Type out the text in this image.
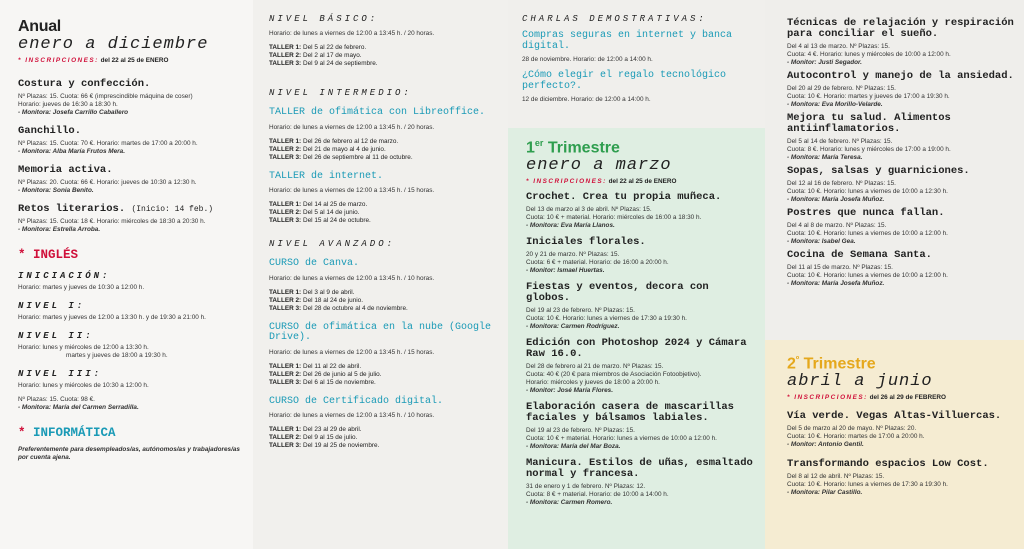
Anual
enero a diciembre
* INSCRIPCIONES: del 22 al 25 de ENERO
Costura y confección.
Nº Plazas: 15. Cuota: 66 € (imprescindible máquina de coser)
Horario: jueves de 16:30 a 18:30 h.
- Monitora: Josefa Carrillo Caballero
Ganchillo.
Nº Plazas: 15. Cuota: 70 €. Horario: martes de 17:00 a 20:00 h.
- Monitora: Alba María Frutos Mera.
Memoria activa.
Nº Plazas: 20. Cuota: 66 €. Horario: jueves de 10:30 a 12:30 h.
- Monitora: Sonia Benito.
Retos literarios. (Inicio: 14 feb.)
Nº Plazas: 15. Cuota: 18 €. Horario: miércoles de 18:30 a 20:30 h.
- Monitora: Estrella Arroba.
* INGLÉS
INICIACIÓN:
Horario: martes y jueves de 10:30 a 12:00 h.
NIVEL I:
Horario: martes y jueves de 12:00 a 13:30 h. y de 19:30 a 21:00 h.
NIVEL II:
Horario: lunes y miércoles de 12:00 a 13:30 h.
martes y jueves de 18:00 a 19:30 h.
NIVEL III:
Horario: lunes y miércoles de 10:30 a 12:00 h.
Nº Plazas: 15. Cuota: 98 €.
- Monitora: María del Carmen Serradilla.
* INFORMÁTICA
Preferentemente para desempleados/as, autónomos/as y trabajadores/as por cuenta ajena.
NIVEL BÁSICO:
Horario: de lunes a viernes de 12:00 a 13:45 h. / 20 horas.
TALLER 1: Del 5 al 22 de febrero.
TALLER 2: Del 2 al 17 de mayo.
TALLER 3: Del 9 al 24 de septiembre.
NIVEL INTERMEDIO:
TALLER de ofimática con Libreoffice.
Horario: de lunes a viernes de 12:00 a 13:45 h. / 20 horas.
TALLER 1: Del 26 de febrero al 12 de marzo.
TALLER 2: Del 21 de mayo al 4 de junio.
TALLER 3: Del 26 de septiembre al 11 de octubre.
TALLER de internet.
Horario: de lunes a viernes de 12:00 a 13:45 h. / 15 horas.
TALLER 1: Del 14 al 25 de marzo.
TALLER 2: Del 5 al 14 de junio.
TALLER 3: Del 15 al 24 de octubre.
NIVEL AVANZADO:
CURSO de Canva.
Horario: de lunes a viernes de 12:00 a 13:45 h. / 10 horas.
TALLER 1: Del 3 al 9 de abril.
TALLER 2: Del 18 al 24 de junio.
TALLER 3: Del 28 de octubre al 4 de noviembre.
CURSO de ofimática en la nube (Google Drive).
Horario: de lunes a viernes de 12:00 a 13:45 h. / 15 horas.
TALLER 1: Del 11 al 22 de abril.
TALLER 2: Del 26 de junio al 5 de julio.
TALLER 3: Del 6 al 15 de noviembre.
CURSO de Certificado digital.
Horario: de lunes a viernes de 12:00 a 13:45 h. / 10 horas.
TALLER 1: Del 23 al 29 de abril.
TALLER 2: Del 9 al 15 de julio.
TALLER 3: Del 19 al 25 de noviembre.
CHARLAS DEMOSTRATIVAS:
Compras seguras en internet y banca digital.
28 de noviembre. Horario: de 12:00 a 14:00 h.
¿Cómo elegir el regalo tecnológico perfecto?.
12 de diciembre. Horario: de 12:00 a 14:00 h.
1er Trimestre
enero a marzo
* INSCRIPCIONES: del 22 al 25 de ENERO
Crochet. Crea tu propia muñeca.
Del 13 de marzo al 3 de abril. Nº Plazas: 15.
Cuota: 10 € + material. Horario: miércoles de 16:00 a 18:30 h.
- Monitora: Eva María Llanos.
Iniciales florales.
20 y 21 de marzo. Nº Plazas: 15.
Cuota: 6 € + material. Horario: de 16:00 a 20:00 h.
- Monitor: Ismael Huertas.
Fiestas y eventos, decora con globos.
Del 19 al 23 de febrero. Nº Plazas: 15.
Cuota: 10 €. Horario: lunes a viernes de 17:30 a 19:30 h.
- Monitora: Carmen Rodríguez.
Edición con Photoshop 2024 y Cámara Raw 16.0.
Del 28 de febrero al 21 de marzo. Nº Plazas: 15.
Cuota: 40 € (20 € para miembros de Asociación Fotoobjetivo).
Horario: miércoles y jueves de 18:00 a 20:00 h.
- Monitor: José María Flores.
Elaboración casera de mascarillas faciales y bálsamos labiales.
Del 19 al 23 de febrero. Nº Plazas: 15.
Cuota: 10 € + material. Horario: lunes a viernes de 10:00 a 12:00 h.
- Monitora: María del Mar Boza.
Manicura. Estilos de uñas, esmaltado normal y francesa.
31 de enero y 1 de febrero. Nº Plazas: 12.
Cuota: 8 € + material. Horario: de 10:00 a 14:00 h.
- Monitora: Carmen Romero.
Técnicas de relajación y respiración para conciliar el sueño.
Del 4 al 13 de marzo. Nº Plazas: 15.
Cuota: 4 €. Horario: lunes y miércoles de 10:00 a 12:00 h.
- Monitor: Justi Segador.
Autocontrol y manejo de la ansiedad.
Del 20 al 29 de febrero. Nº Plazas: 15.
Cuota: 10 €. Horario: martes y jueves de 17:00 a 19:30 h.
- Monitora: Eva Morillo-Velarde.
Mejora tu salud. Alimentos antiinflamatorios.
Del 5 al 14 de febrero. Nº Plazas: 15.
Cuota: 8 €. Horario: lunes y miércoles de 17:00 a 19:00 h.
- Monitora: María Teresa.
Sopas, salsas y guarniciones.
Del 12 al 16 de febrero. Nº Plazas: 15.
Cuota: 10 €. Horario: lunes a viernes de 10:00 a 12:30 h.
- Monitora: María Josefa Muñoz.
Postres que nunca fallan.
Del 4 al 8 de marzo. Nº Plazas: 15.
Cuota: 10 €. Horario: lunes a viernes de 10:00 a 12:00 h.
- Monitora: Isabel Gea.
Cocina de Semana Santa.
Del 11 al 15 de marzo. Nº Plazas: 15.
Cuota: 10 €. Horario: lunes a viernes de 10:00 a 12:00 h.
- Monitora: María Josefa Muñoz.
$2^º$ Trimestre
abril a junio
* INSCRIPCIONES: del 26 al 29 de FEBRERO
Vía verde. Vegas Altas-Villuercas.
Del 5 de marzo al 20 de mayo. Nº Plazas: 20.
Cuota: 10 €. Horario: martes de 17:00 a 20:00 h.
- Monitor: Antonio Gentil.
Transformando espacios Low Cost.
Del 8 al 12 de abril. Nº Plazas: 15.
Cuota: 10 €. Horario: lunes a viernes de 17:30 a 19:30 h.
- Monitora: Pilar Castillo.
